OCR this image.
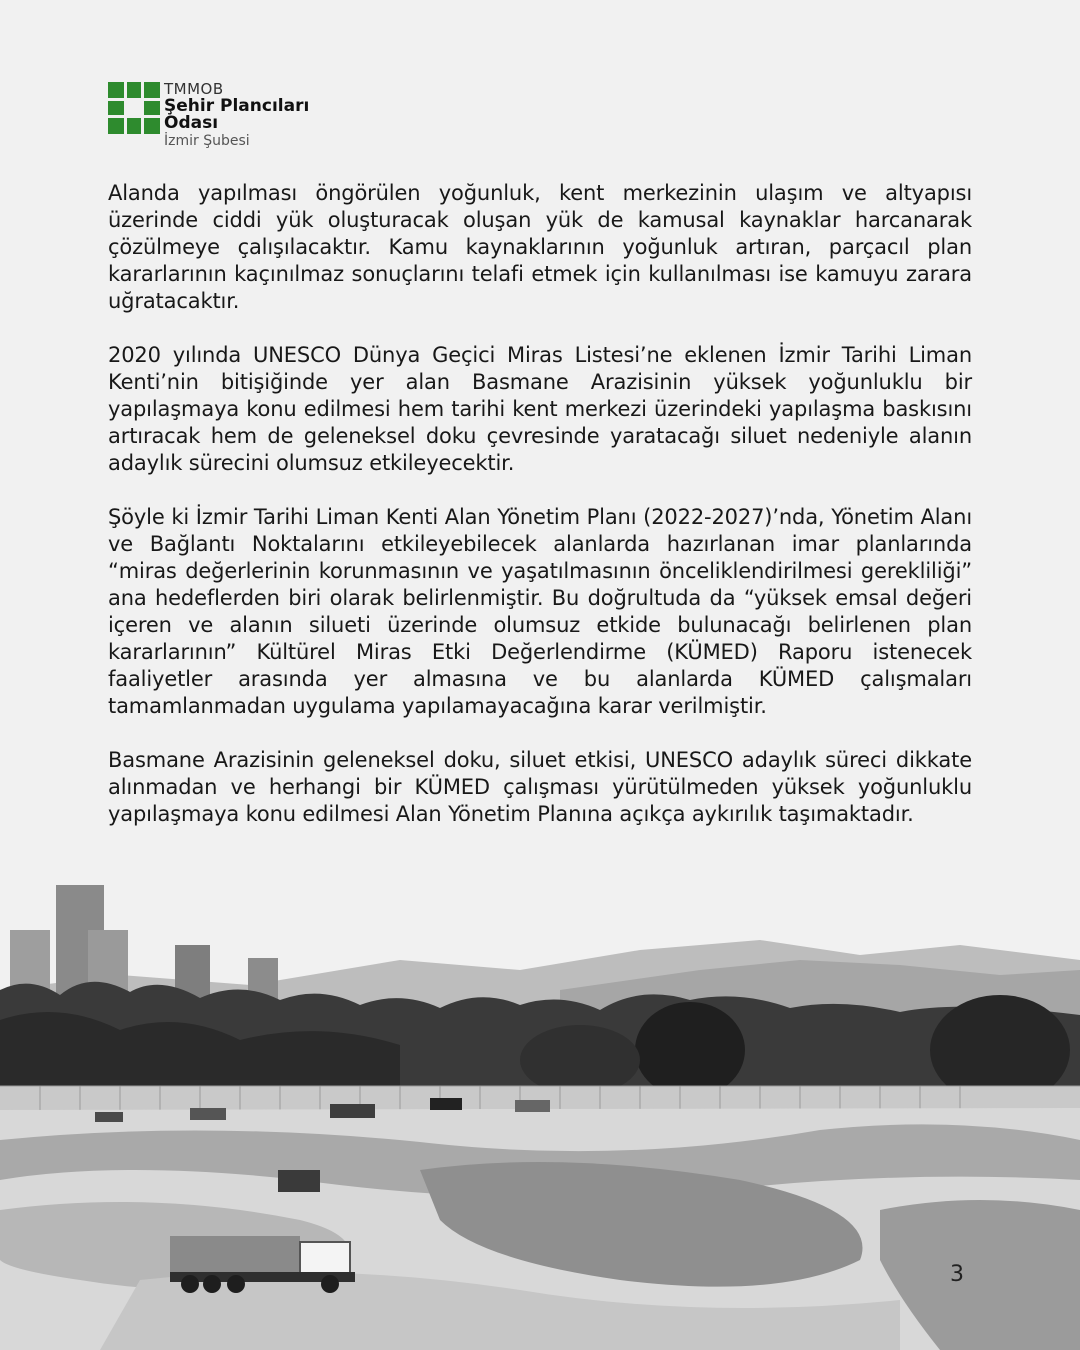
TMMOB
Şehir Plancıları Odası
İzmir Şubesi

Alanda yapılması öngörülen yoğunluk, kent merkezinin ulaşım ve altyapısı üzerinde ciddi yük oluşturacak oluşan yük de kamusal kaynaklar harcanarak çözülmeye çalışılacaktır. Kamu kaynaklarının yoğunluk artıran, parçacıl plan kararlarının kaçınılmaz sonuçlarını telafi etmek için kullanılması ise kamuyu zarara uğratacaktır.

2020 yılında UNESCO Dünya Geçici Miras Listesi’ne eklenen İzmir Tarihi Liman Kenti’nin bitişiğinde yer alan Basmane Arazisinin yüksek yoğunluklu bir yapılaşmaya konu edilmesi hem tarihi kent merkezi üzerindeki yapılaşma baskısını artıracak hem de geleneksel doku çevresinde yaratacağı siluet nedeniyle alanın adaylık sürecini olumsuz etkileyecektir.

Şöyle ki İzmir Tarihi Liman Kenti Alan Yönetim Planı (2022-2027)’nda, Yönetim Alanı ve Bağlantı Noktalarını etkileyebilecek alanlarda hazırlanan imar planlarında “miras değerlerinin korunmasının ve yaşatılmasının önceliklendirilmesi gerekliliği” ana hedeflerden biri olarak belirlenmiştir. Bu doğrultuda da “yüksek emsal değeri içeren ve alanın silueti üzerinde olumsuz etkide bulunacağı belirlenen plan kararlarının” Kültürel Miras Etki Değerlendirme (KÜMED) Raporu istenecek faaliyetler arasında yer almasına ve bu alanlarda KÜMED çalışmaları tamamlanmadan uygulama yapılamayacağına karar verilmiştir.

Basmane Arazisinin geleneksel doku, siluet etkisi, UNESCO adaylık süreci dikkate alınmadan ve herhangi bir KÜMED çalışması yürütülmeden yüksek yoğunluklu yapılaşmaya konu edilmesi Alan Yönetim Planına açıkça aykırılık taşımaktadır.

3
